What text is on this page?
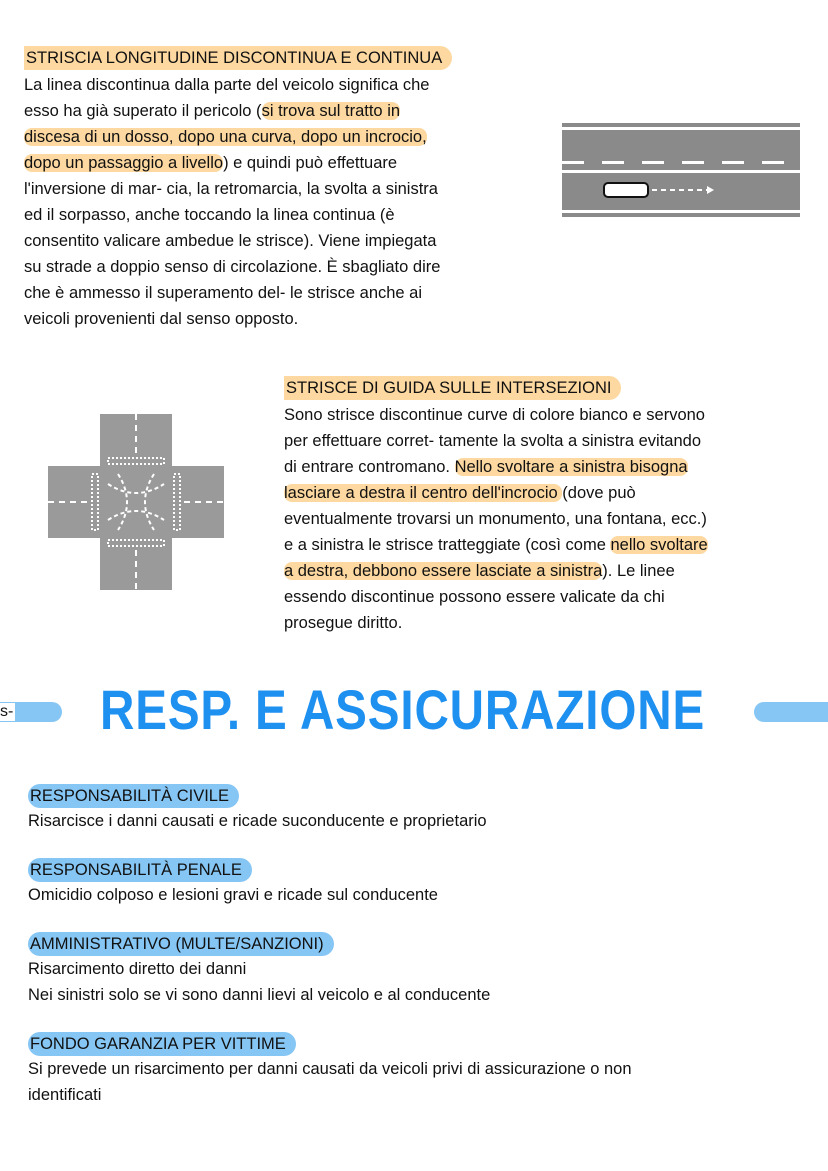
STRISCIA LONGITUDINE DISCONTINUA E CONTINUA
La linea discontinua dalla parte del veicolo significa che
esso ha già superato il pericolo (si trova sul tratto in
discesa di un dosso, dopo una curva, dopo un incrocio,
dopo un passaggio a livello) e quindi può effettuare
l'inversione di mar- cia, la retromarcia, la svolta a sinistra
ed il sorpasso, anche toccando la linea continua (è
consentito valicare ambedue le strisce). Viene impiegata
su strade a doppio senso di circolazione. È sbagliato dire
che è ammesso il superamento del- le strisce anche ai
veicoli provenienti dal senso opposto.
STRISCE DI GUIDA SULLE INTERSEZIONI
Sono strisce discontinue curve di colore bianco e servono
per effettuare corret- tamente la svolta a sinistra evitando
di entrare contromano. Nello svoltare a sinistra bisogna
lasciare a destra il centro dell'incrocio (dove può
eventualmente trovarsi un monumento, una fontana, ecc.)
e a sinistra le strisce tratteggiate (così come nello svoltare
a destra, debbono essere lasciate a sinistra). Le linee
essendo discontinue possono essere valicate da chi
prosegue diritto.
s- RESP. E ASSICURAZIONE
RESPONSABILITÀ CIVILE
Risarcisce i danni causati e ricade suconducente e proprietario
RESPONSABILITÀ PENALE
Omicidio colposo e lesioni gravi e ricade sul conducente
AMMINISTRATIVO (MULTE/SANZIONI)
Risarcimento diretto dei danni
Nei sinistri solo se vi sono danni lievi al veicolo e al conducente
FONDO GARANZIA PER VITTIME
Si prevede un risarcimento per danni causati da veicoli privi di assicurazione o non
identificati
